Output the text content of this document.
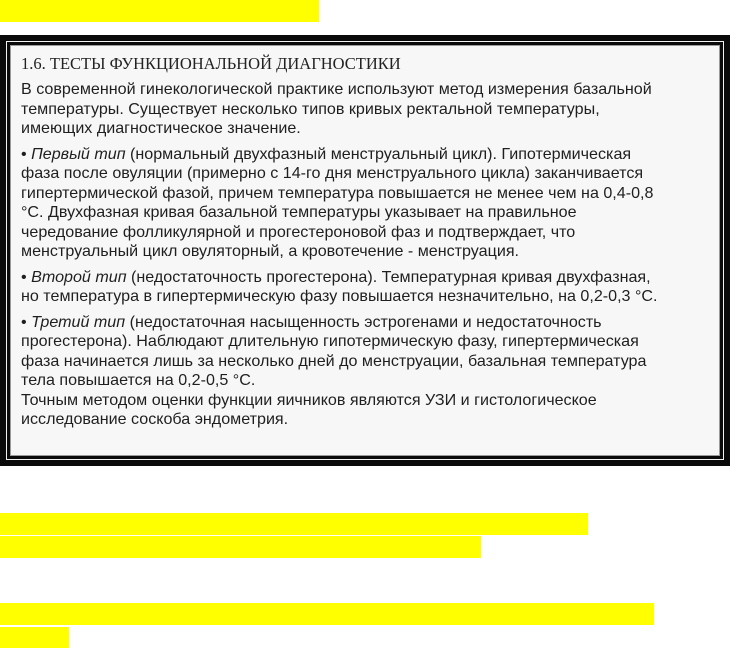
1.6. ТЕСТЫ ФУНКЦИОНАЛЬНОЙ ДИАГНОСТИКИ
В современной гинекологической практике используют метод измерения базальной
температуры. Существует несколько типов кривых ректальной температуры,
имеющих диагностическое значение.
• Первый тип (нормальный двухфазный менструальный цикл). Гипотермическая
фаза после овуляции (примерно с 14-го дня менструального цикла) заканчивается
гипертермической фазой, причем температура повышается не менее чем на 0,4-0,8
°С. Двухфазная кривая базальной температуры указывает на правильное
чередование фолликулярной и прогестероновой фаз и подтверждает, что
менструальный цикл овуляторный, а кровотечение - менструация.
• Второй тип (недостаточность прогестерона). Температурная кривая двухфазная,
но температура в гипертермическую фазу повышается незначительно, на 0,2-0,3 °С.
• Третий тип (недостаточная насыщенность эстрогенами и недостаточность
прогестерона). Наблюдают длительную гипотермическую фазу, гипертермическая
фаза начинается лишь за несколько дней до менструации, базальная температура
тела повышается на 0,2-0,5 °С.
Точным методом оценки функции яичников являются УЗИ и гистологическое
исследование соскоба эндометрия.
